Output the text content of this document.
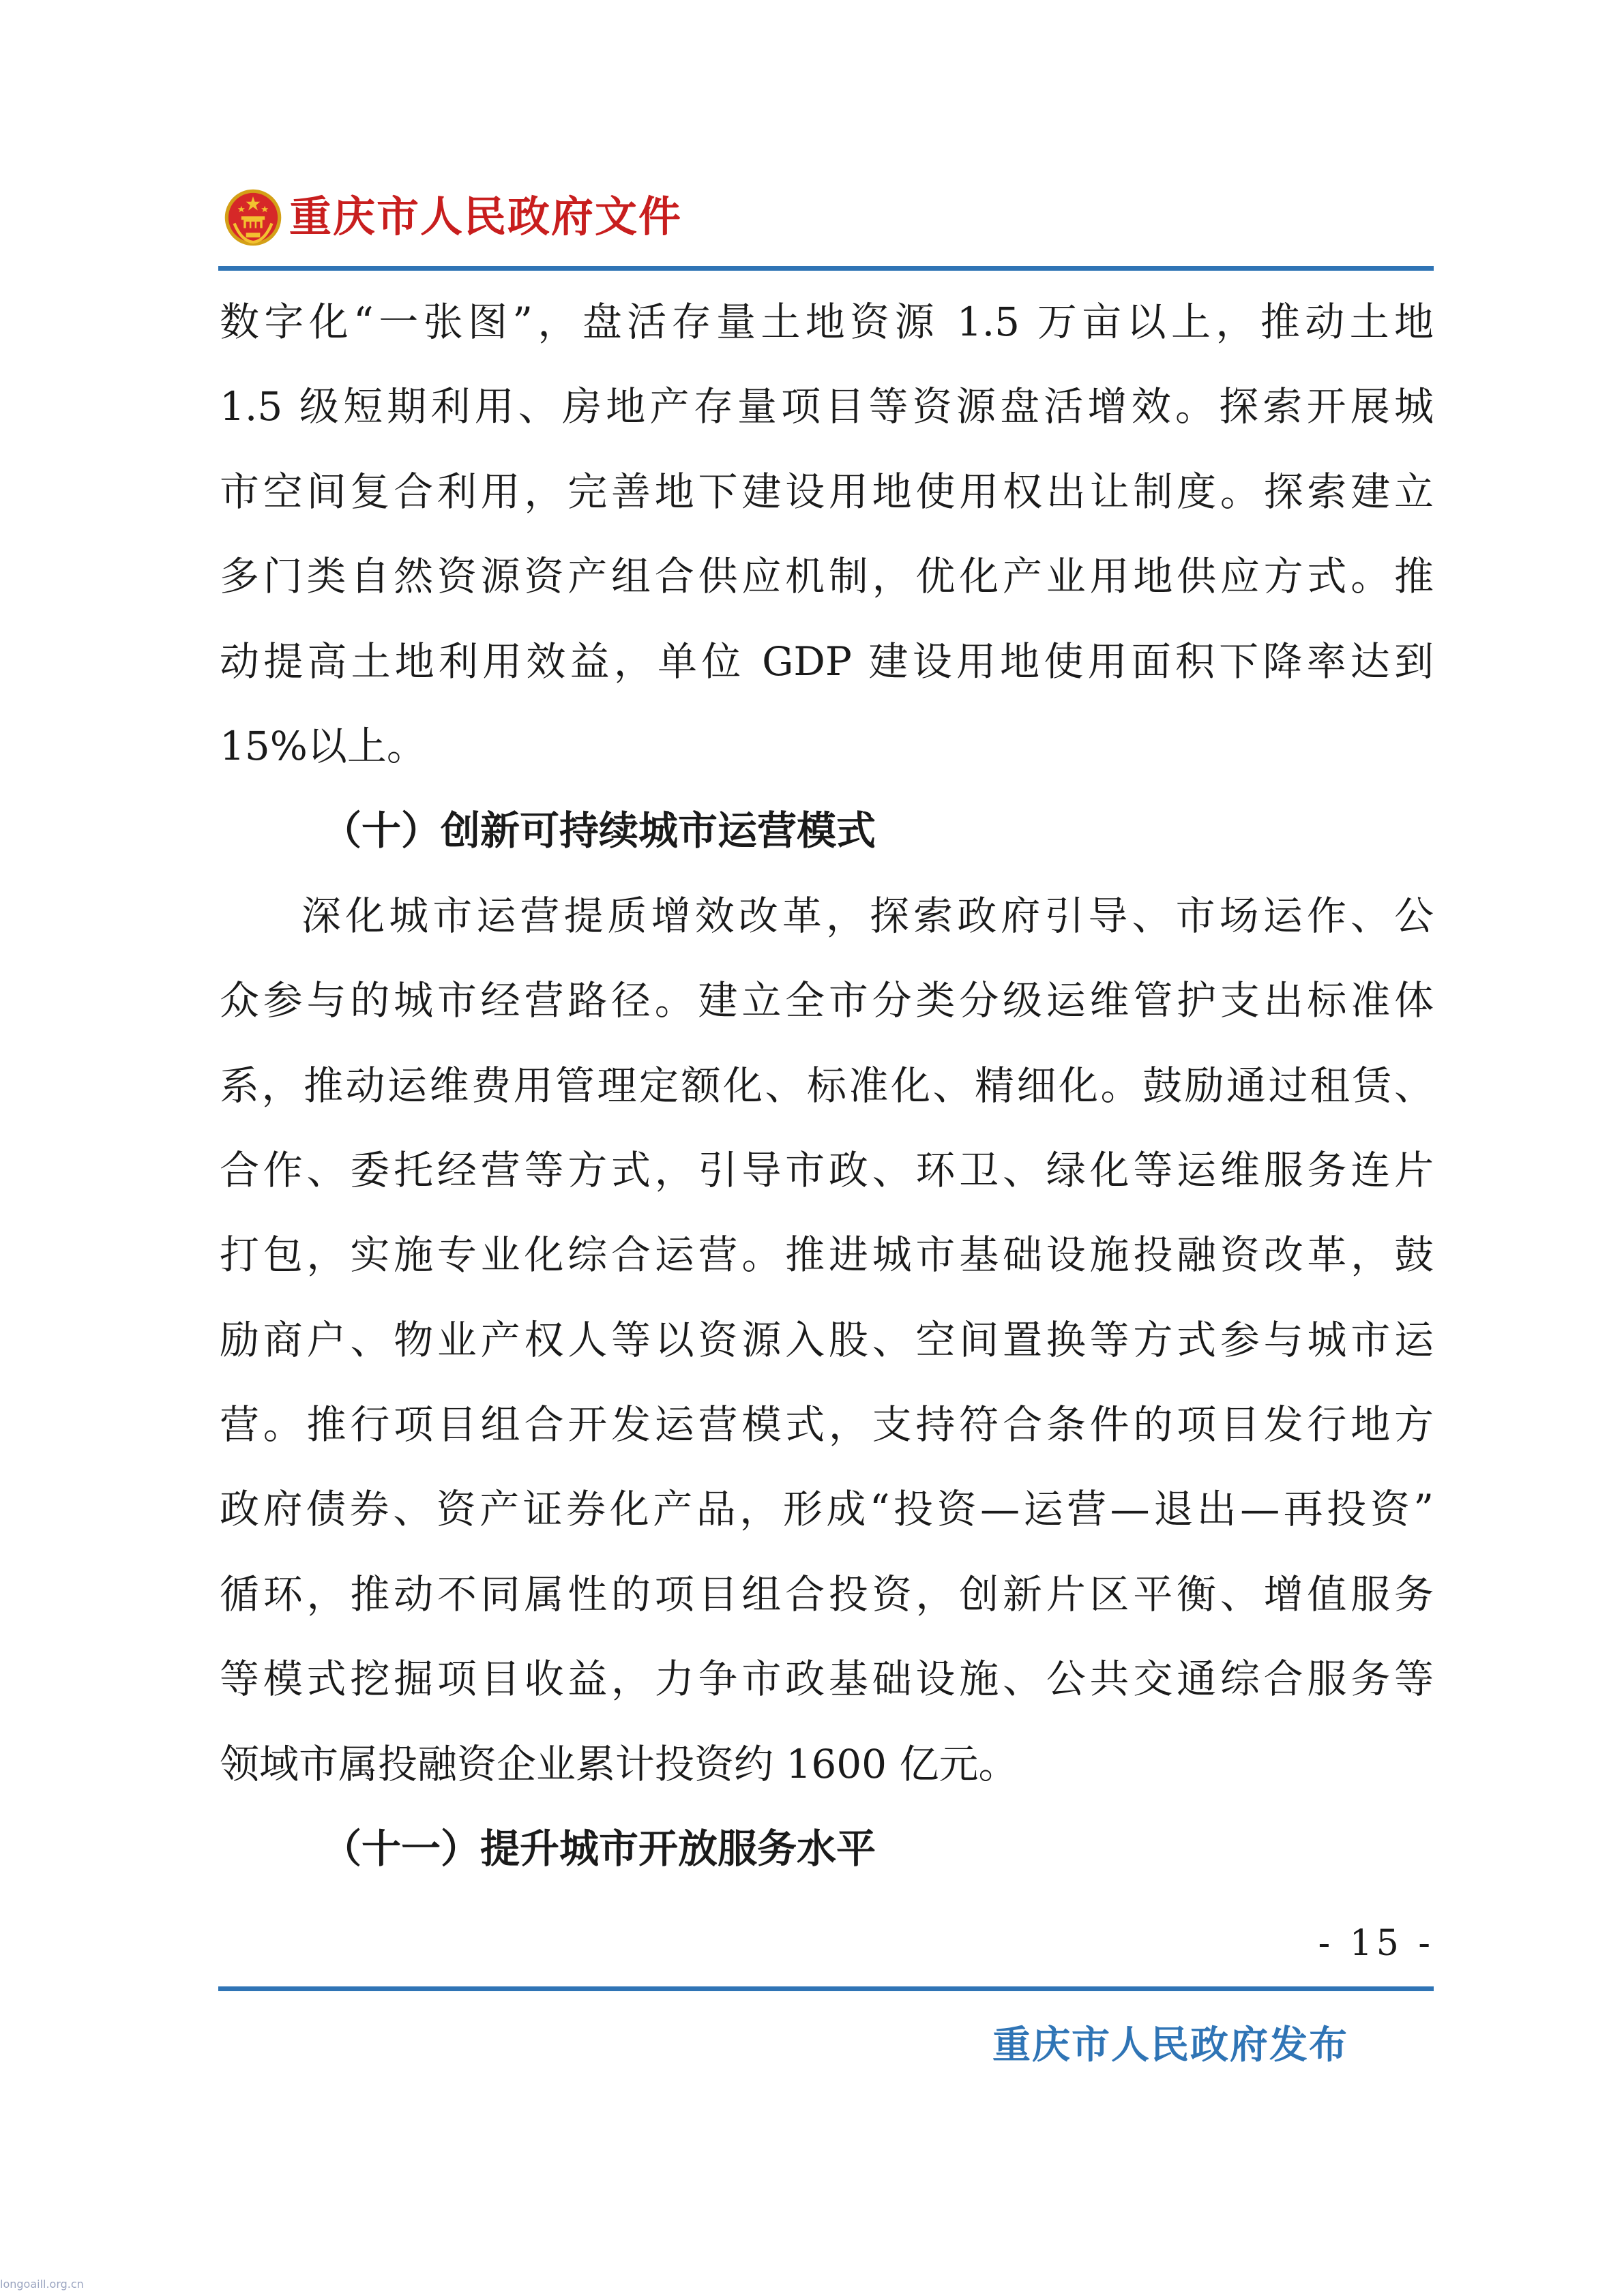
重庆市人民政府文件
数字化“一张图”，盘活存量土地资源 1.5 万亩以上，推动土地
1.5 级短期利用、房地产存量项目等资源盘活增效。探索开展城
市空间复合利用，完善地下建设用地使用权出让制度。探索建立
多门类自然资源资产组合供应机制，优化产业用地供应方式。推
动提高土地利用效益，单位 GDP 建设用地使用面积下降率达到
15%以上。
（十）创新可持续城市运营模式
深化城市运营提质增效改革，探索政府引导、市场运作、公
众参与的城市经营路径。建立全市分类分级运维管护支出标准体
系，推动运维费用管理定额化、标准化、精细化。鼓励通过租赁、
合作、委托经营等方式，引导市政、环卫、绿化等运维服务连片
打包，实施专业化综合运营。推进城市基础设施投融资改革，鼓
励商户、物业产权人等以资源入股、空间置换等方式参与城市运
营。推行项目组合开发运营模式，支持符合条件的项目发行地方
政府债券、资产证券化产品，形成“投资—运营—退出—再投资”
循环，推动不同属性的项目组合投资，创新片区平衡、增值服务
等模式挖掘项目收益，力争市政基础设施、公共交通综合服务等
领域市属投融资企业累计投资约 1600 亿元。
（十一）提升城市开放服务水平
- 15 -
重庆市人民政府发布
longoaill.org.cn
